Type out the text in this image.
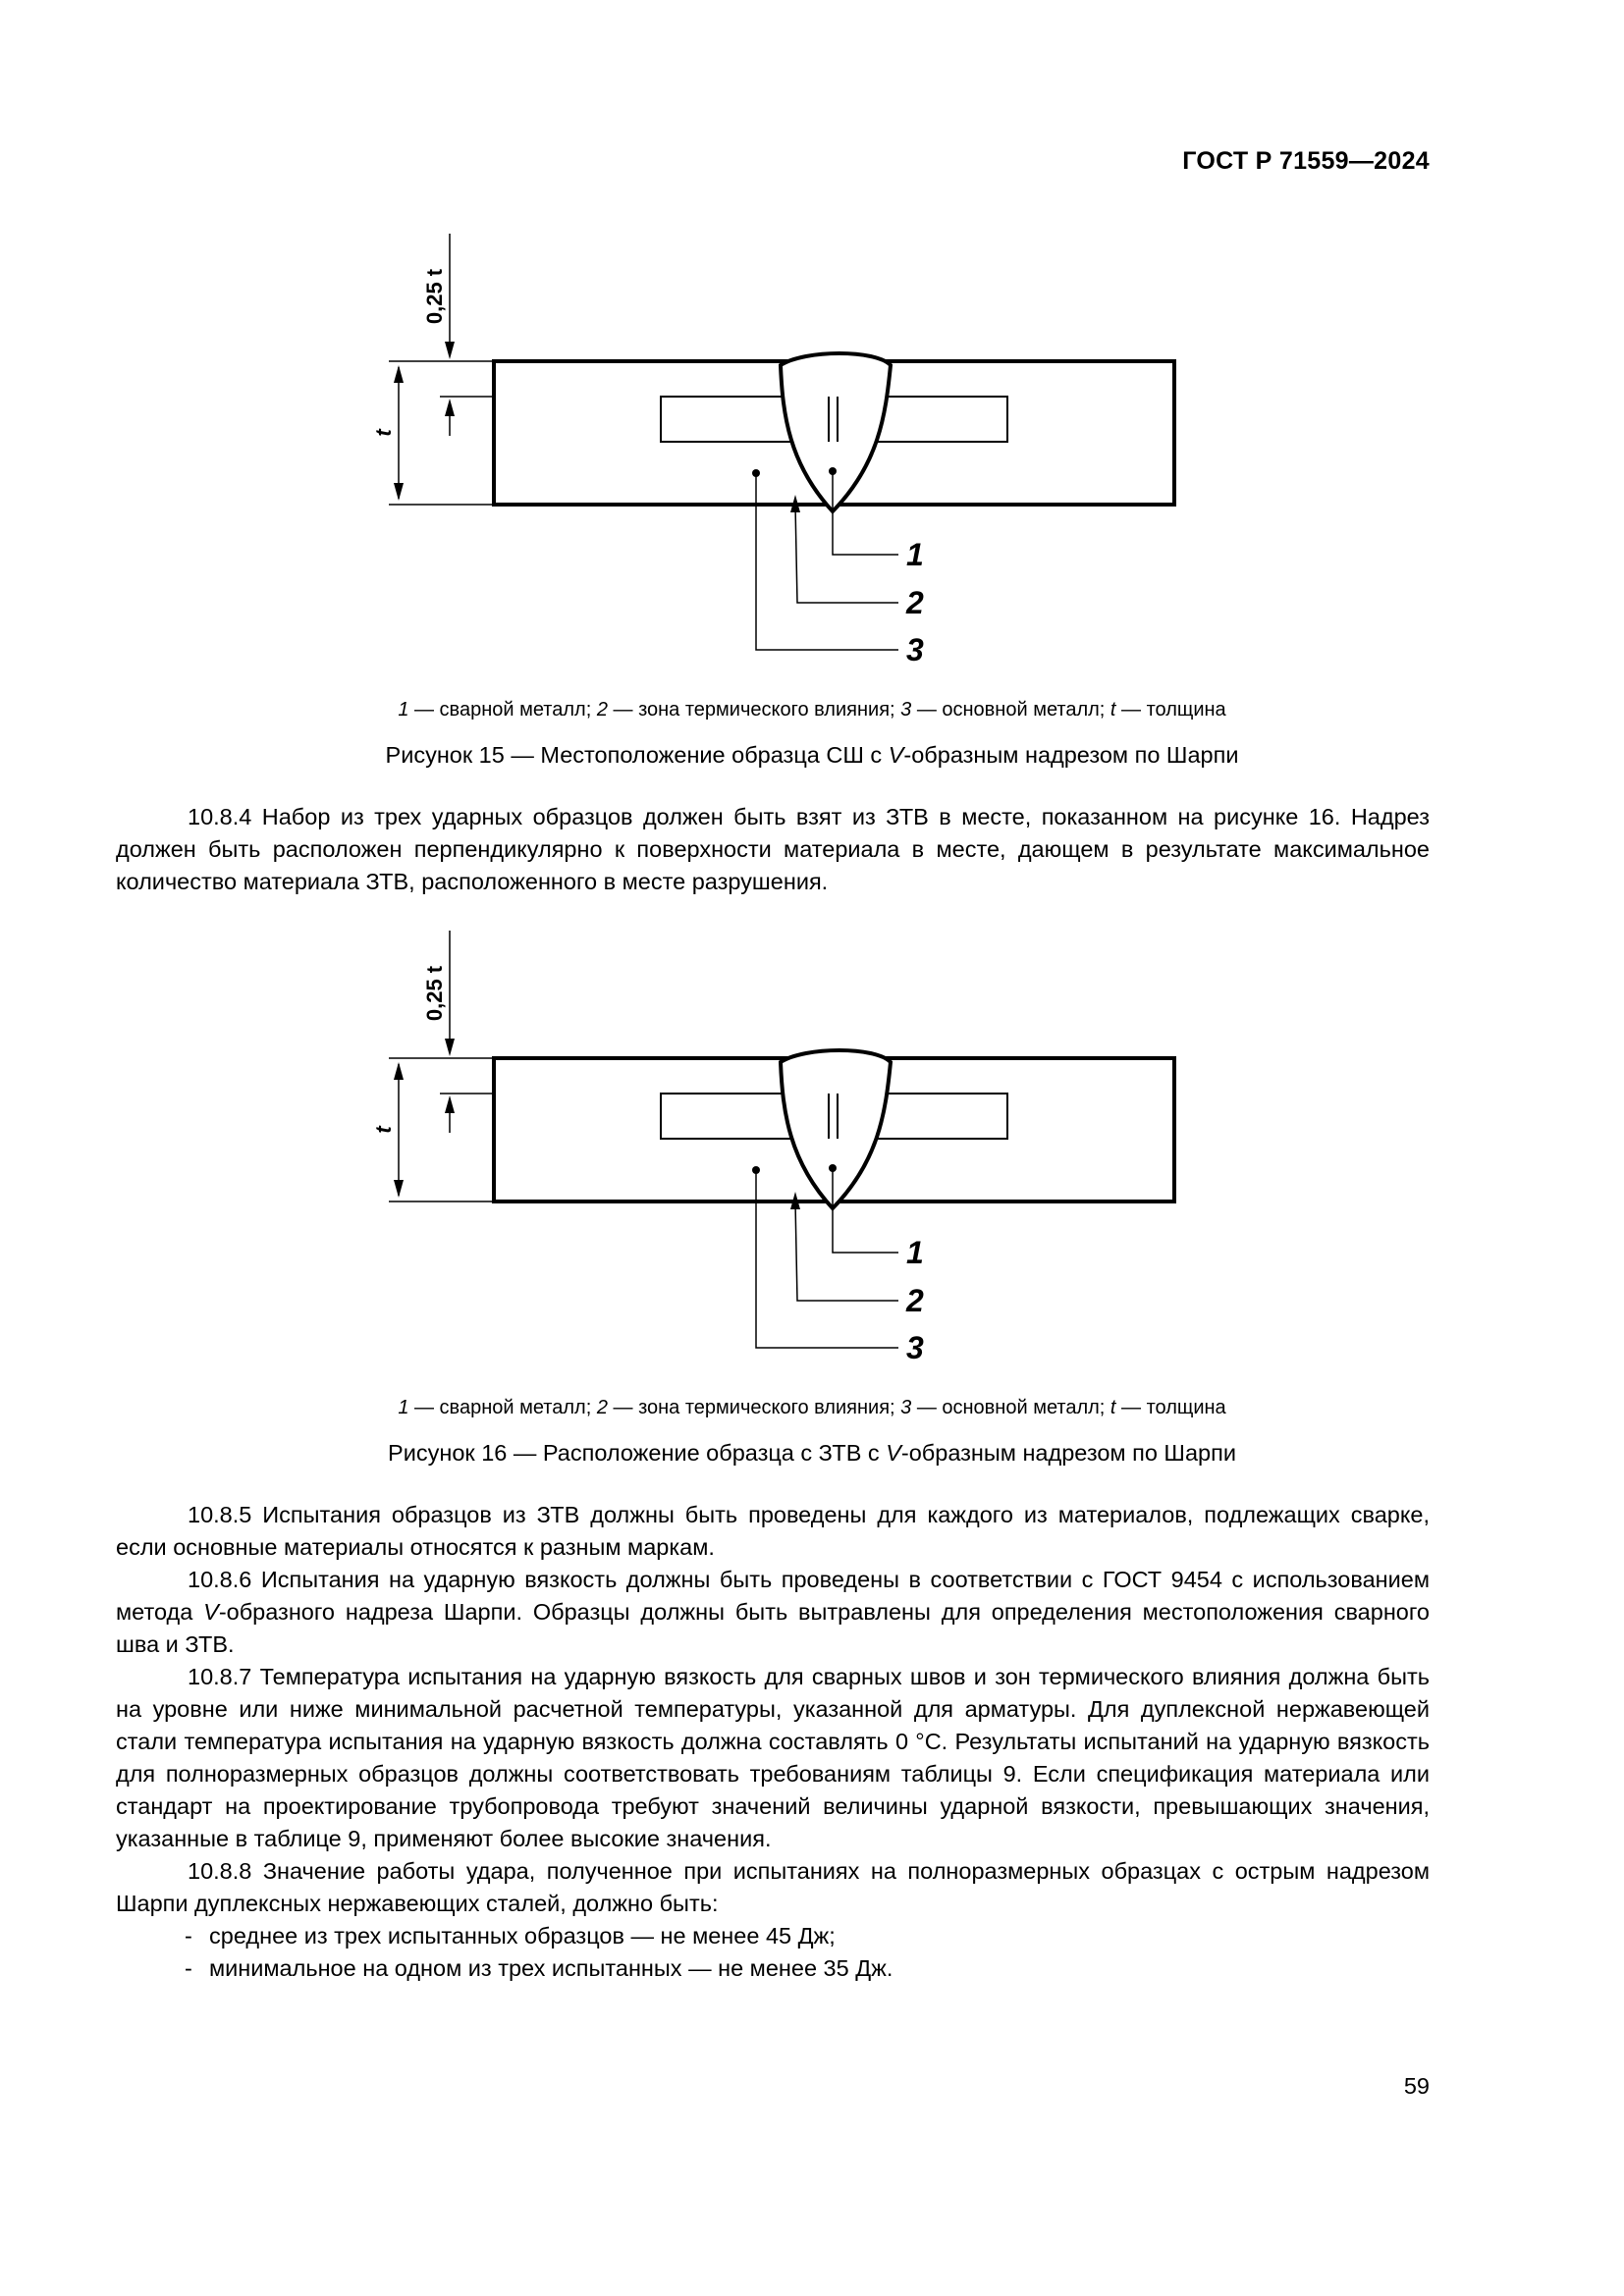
ГОСТ Р 71559—2024
0,25 t
t
1
2
3
1 — сварной металл; 2 — зона термического влияния; 3 — основной металл; t — толщина
Рисунок 15 — Местоположение образца СШ с V-образным надрезом по Шарпи

10.8.4 Набор из трех ударных образцов должен быть взят из ЗТВ в месте, показанном на рисунке 16. Надрез должен быть расположен перпендикулярно к поверхности материала в месте, дающем в результате максимальное количество материала ЗТВ, расположенного в месте разрушения.

0,25 t
t
1
2
3
1 — сварной металл; 2 — зона термического влияния; 3 — основной металл; t — толщина
Рисунок 16 — Расположение образца с ЗТВ с V-образным надрезом по Шарпи

10.8.5 Испытания образцов из ЗТВ должны быть проведены для каждого из материалов, подлежащих сварке, если основные материалы относятся к разным маркам.

10.8.6 Испытания на ударную вязкость должны быть проведены в соответствии с ГОСТ 9454 с использованием метода V-образного надреза Шарпи. Образцы должны быть вытравлены для определения местоположения сварного шва и ЗТВ.

10.8.7 Температура испытания на ударную вязкость для сварных швов и зон термического влияния должна быть на уровне или ниже минимальной расчетной температуры, указанной для арматуры. Для дуплексной нержавеющей стали температура испытания на ударную вязкость должна составлять 0 °С. Результаты испытаний на ударную вязкость для полноразмерных образцов должны соответствовать требованиям таблицы 9. Если спецификация материала или стандарт на проектирование трубопровода требуют значений величины ударной вязкости, превышающих значения, указанные в таблице 9, применяют более высокие значения.

10.8.8 Значение работы удара, полученное при испытаниях на полноразмерных образцах с острым надрезом Шарпи дуплексных нержавеющих сталей, должно быть:

- среднее из трех испытанных образцов — не менее 45 Дж;
- минимальное на одном из трех испытанных — не менее 35 Дж.
59
